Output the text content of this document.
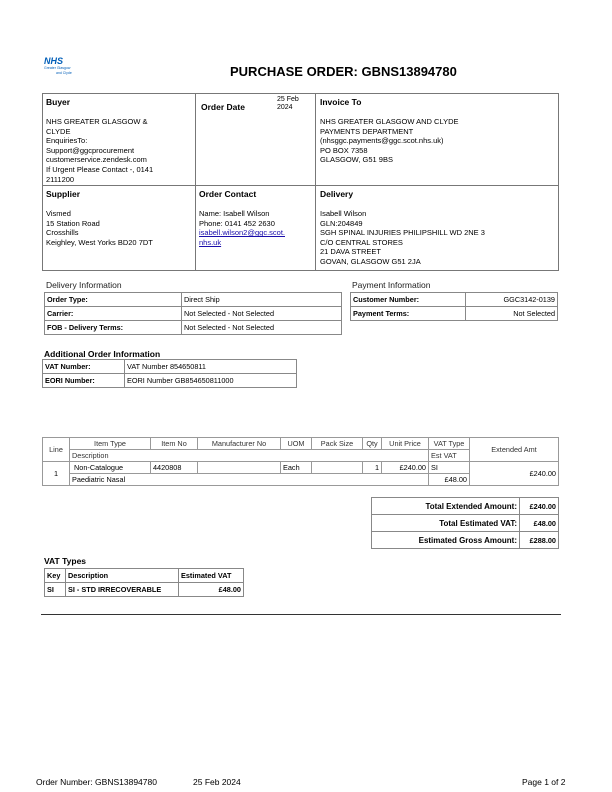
NHS
Greater Glasgow
and Clyde	PURCHASE ORDER: GBNS13894780
Buyer
NHS GREATER GLASGOW &
CLYDE
EnquiriesTo:
Support@ggcprocurement
customerservice.zendesk.com
If Urgent Please Contact -, 0141
2111200
Order Date
25 Feb
2024
Invoice To
NHS GREATER GLASGOW AND CLYDE
PAYMENTS DEPARTMENT
(nhsggc.payments@ggc.scot.nhs.uk)
PO BOX 7358
GLASGOW, G51 9BS
Supplier
Vismed
15 Station Road
Crosshills
Keighley, West Yorks BD20 7DT
Order Contact
Name: Isabell Wilson
Phone: 0141 452 2630
isabell.wilson2@ggc.scot.
nhs.uk
Delivery
Isabell Wilson
GLN:204849
SGH SPINAL INJURIES PHILIPSHILL WD 2NE 3
C/O CENTRAL STORES
21 DAVA STREET
GOVAN, GLASGOW G51 2JA
Delivery Information
Order Type:	Direct Ship
Carrier:	Not Selected - Not Selected
FOB - Delivery Terms:	Not Selected - Not Selected
Payment Information
Customer Number:	GGC3142-0139
Payment Terms:	Not Selected
Additional Order Information
VAT Number:	VAT Number 854650811
EORI Number:	EORI Number GB854650811000
Line	Item Type	Item No	Manufacturer No	UOM	Pack Size	Qty	Unit Price	VAT Type	Extended Amt
	Description							Est VAT	
1	Non-Catalogue	4420808		Each		1	£240.00	SI	£240.00
	Paediatric Nasal							£48.00	
Total Extended Amount:	£240.00
Total Estimated VAT:	£48.00
Estimated Gross Amount:	£288.00
VAT Types
Key	Description	Estimated VAT
SI	SI - STD IRRECOVERABLE	£48.00
Order Number: GBNS13894780	25 Feb 2024	Page 1 of 2
